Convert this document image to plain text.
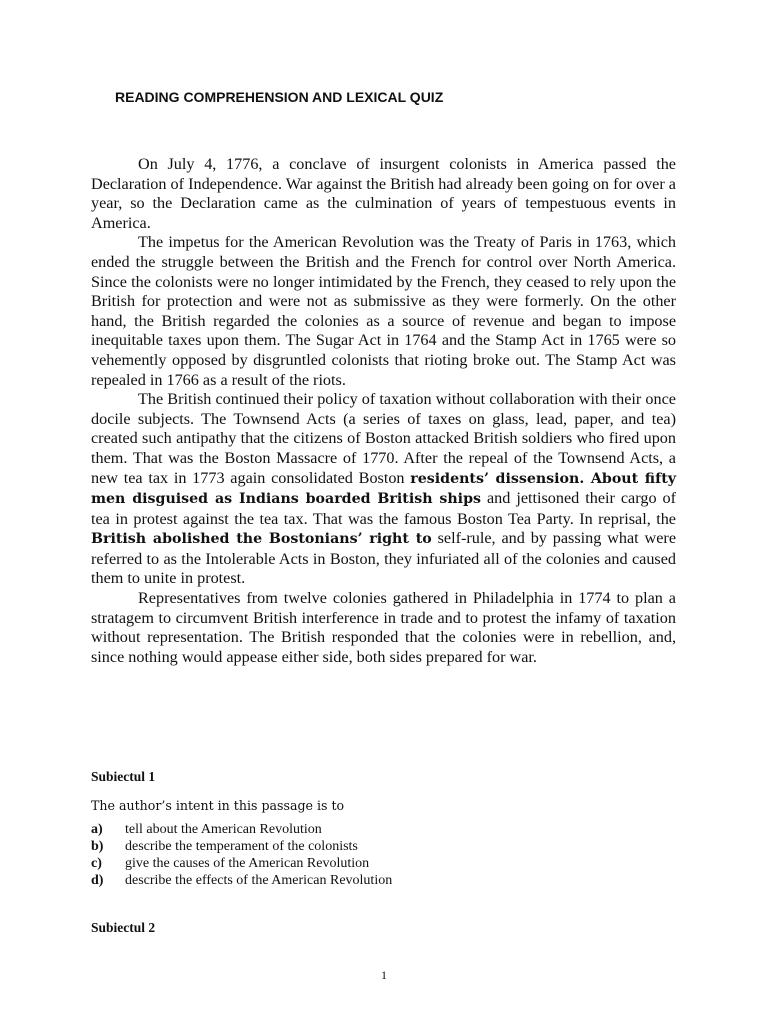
READING COMPREHENSION AND LEXICAL QUIZ

On July 4, 1776, a conclave of insurgent colonists in America passed the Declaration of Independence. War against the British had already been going on for over a year, so the Declaration came as the culmination of years of tempestuous events in America.

The impetus for the American Revolution was the Treaty of Paris in 1763, which ended the struggle between the British and the French for control over North America. Since the colonists were no longer intimidated by the French, they ceased to rely upon the British for protection and were not as submissive as they were formerly. On the other hand, the British regarded the colonies as a source of revenue and began to impose inequitable taxes upon them. The Sugar Act in 1764 and the Stamp Act in 1765 were so vehemently opposed by disgruntled colonists that rioting broke out. The Stamp Act was repealed in 1766 as a result of the riots.

The British continued their policy of taxation without collaboration with their once docile subjects. The Townsend Acts (a series of taxes on glass, lead, paper, and tea) created such antipathy that the citizens of Boston attacked British soldiers who fired upon them. That was the Boston Massacre of 1770. After the repeal of the Townsend Acts, a new tea tax in 1773 again consolidated Boston residents’ dissension. About fifty men disguised as Indians boarded British ships and jettisoned their cargo of tea in protest against the tea tax. That was the famous Boston Tea Party. In reprisal, the British abolished the Bostonians’ right to self-rule, and by passing what were referred to as the Intolerable Acts in Boston, they infuriated all of the colonies and caused them to unite in protest.

Representatives from twelve colonies gathered in Philadelphia in 1774 to plan a stratagem to circumvent British interference in trade and to protest the infamy of taxation without representation. The British responded that the colonies were in rebellion, and, since nothing would appease either side, both sides prepared for war.

Subiectul 1

The author’s intent in this passage is to

a)	tell about the American Revolution
b)	describe the temperament of the colonists
c)	give the causes of the American Revolution
d)	describe the effects of the American Revolution

Subiectul 2

1
